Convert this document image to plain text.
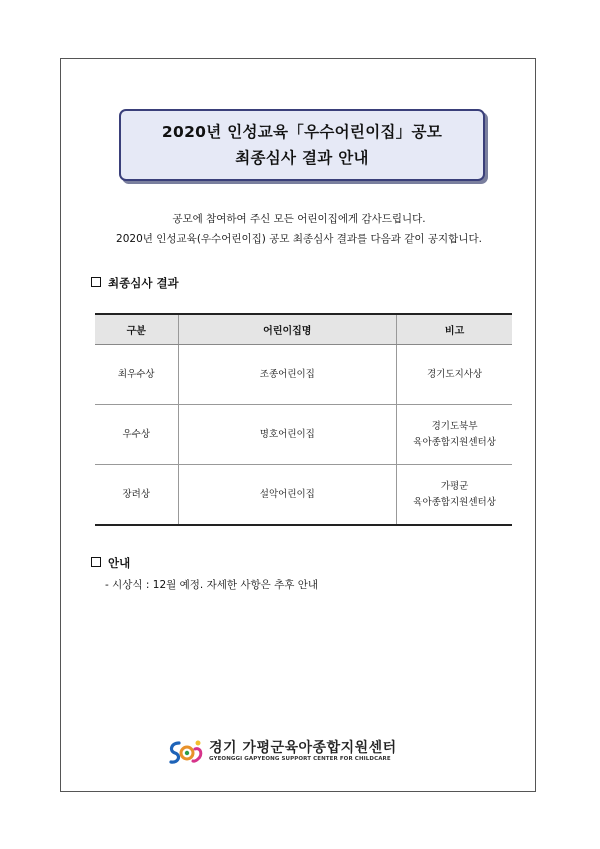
2020년 인성교육「우수어린이집」공모
최종심사 결과 안내
공모에 참여하여 주신 모든 어린이집에게 감사드립니다.
2020년 인성교육(우수어린이집) 공모 최종심사 결과를 다음과 같이 공지합니다.
최종심사 결과
구분	어린이집명	비고
최우수상	조종어린이집	경기도지사상

우수상	명호어린이집	경기도북부
육아종합지원센터상

장려상	설악어린이집	가평군
육아종합지원센터상
안내
- 시상식 : 12월 예정. 자세한 사항은 추후 안내
경기 가평군육아종합지원센터
GYEONGGI GAPYEONG SUPPORT CENTER FOR CHILDCARE
